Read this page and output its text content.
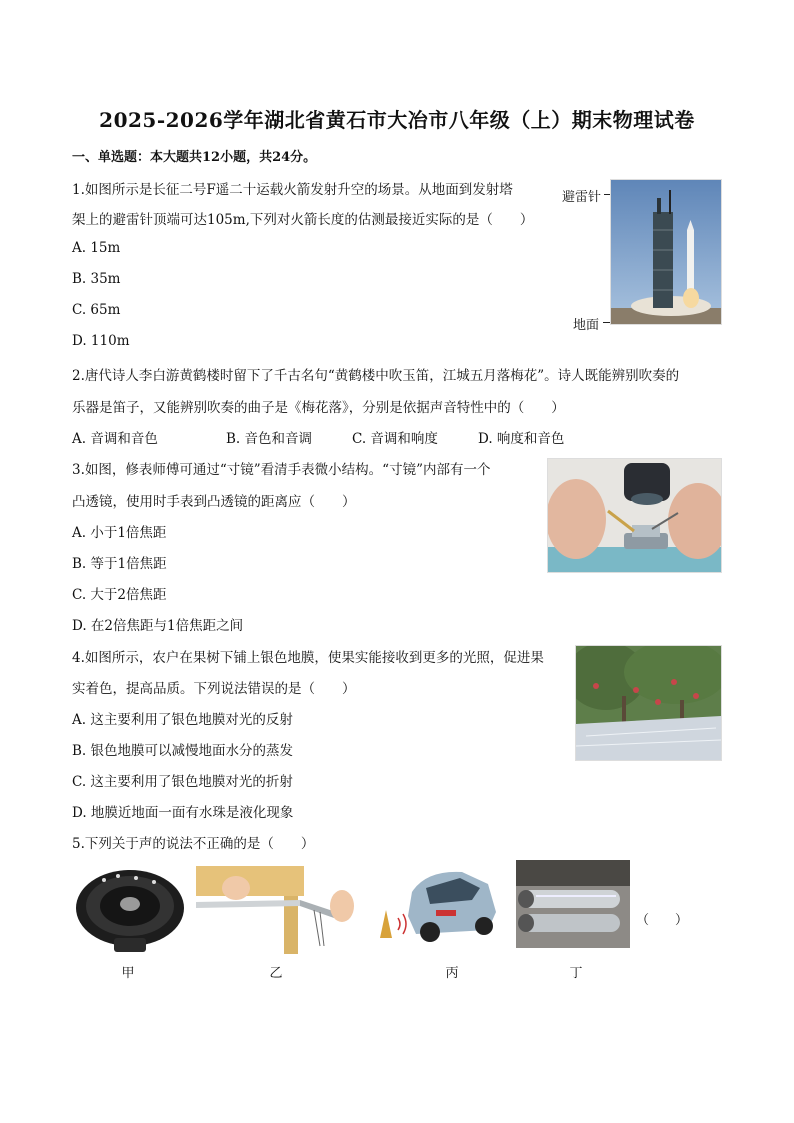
2025-2026学年湖北省黄石市大冶市八年级（上）期末物理试卷
一、单选题：本大题共12小题，共24分。
1.如图所示是长征二号F遥二十运载火箭发射升空的场景。从地面到发射塔
架上的避雷针顶端可达105m,下列对火箭长度的估测最接近实际的是（　　）
A. 15m
B. 35m
C. 65m
D. 110m
避雷针
地面
2.唐代诗人李白游黄鹤楼时留下了千古名句“黄鹤楼中吹玉笛，江城五月落梅花”。诗人既能辨别吹奏的
乐器是笛子，又能辨别吹奏的曲子是《梅花落》，分别是依据声音特性中的（　　）
A. 音调和音色	B. 音色和音调	C. 音调和响度	D. 响度和音色
3.如图，修表师傅可通过“寸镜”看清手表微小结构。“寸镜”内部有一个
凸透镜，使用时手表到凸透镜的距离应（　　）
A. 小于1倍焦距
B. 等于1倍焦距
C. 大于2倍焦距
D. 在2倍焦距与1倍焦距之间
4.如图所示，农户在果树下铺上银色地膜，使果实能接收到更多的光照，促进果
实着色，提高品质。下列说法错误的是（　　）
A. 这主要利用了银色地膜对光的反射
B. 银色地膜可以减慢地面水分的蒸发
C. 这主要利用了银色地膜对光的折射
D. 地膜近地面一面有水珠是液化现象
5.下列关于声的说法不正确的是（　　）
（　　）
甲	乙	丙	丁
